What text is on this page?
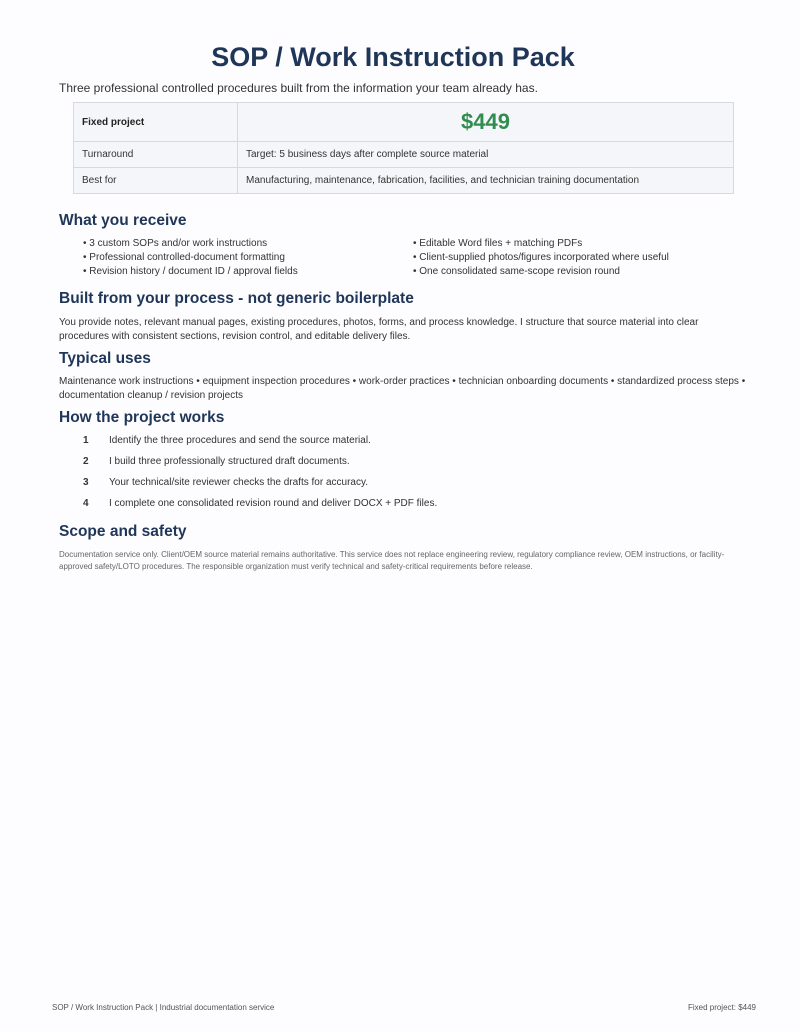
SOP / Work Instruction Pack
Three professional controlled procedures built from the information your team already has.
Fixed project	$449
Turnaround	Target: 5 business days after complete source material
Best for	Manufacturing, maintenance, fabrication, facilities, and technician training documentation
What you receive
• 3 custom SOPs and/or work instructions
• Professional controlled-document formatting
• Revision history / document ID / approval fields
• Editable Word files + matching PDFs
• Client-supplied photos/figures incorporated where useful
• One consolidated same-scope revision round
Built from your process - not generic boilerplate
You provide notes, relevant manual pages, existing procedures, photos, forms, and process knowledge. I structure that source material into clear procedures with consistent sections, revision control, and editable delivery files.
Typical uses
Maintenance work instructions • equipment inspection procedures • work-order practices • technician onboarding documents • standardized process steps • documentation cleanup / revision projects
How the project works
1 Identify the three procedures and send the source material.
2 I build three professionally structured draft documents.
3 Your technical/site reviewer checks the drafts for accuracy.
4 I complete one consolidated revision round and deliver DOCX + PDF files.
Scope and safety
Documentation service only. Client/OEM source material remains authoritative. This service does not replace engineering review, regulatory compliance review, OEM instructions, or facility-approved safety/LOTO procedures. The responsible organization must verify technical and safety-critical requirements before release.
SOP / Work Instruction Pack | Industrial documentation service	Fixed project: $449
